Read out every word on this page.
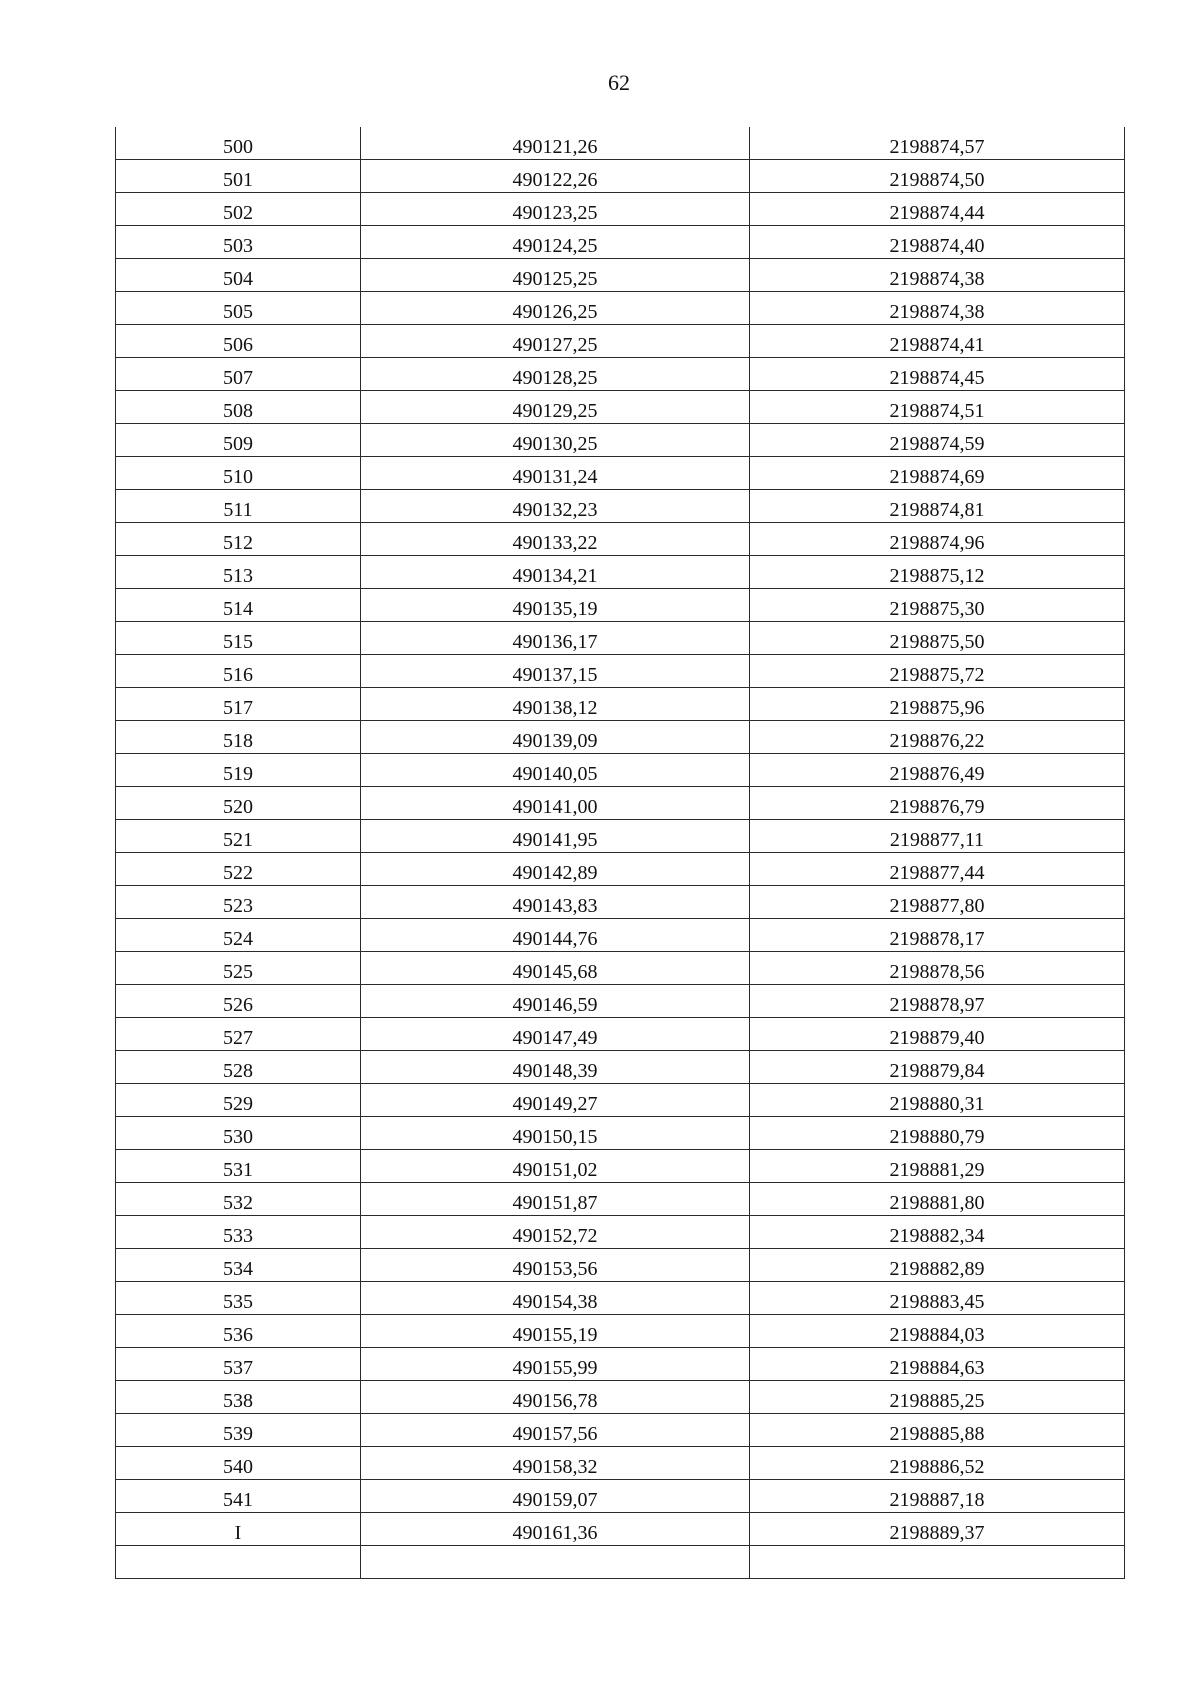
62
500	490121,26	2198874,57
501	490122,26	2198874,50
502	490123,25	2198874,44
503	490124,25	2198874,40
504	490125,25	2198874,38
505	490126,25	2198874,38
506	490127,25	2198874,41
507	490128,25	2198874,45
508	490129,25	2198874,51
509	490130,25	2198874,59
510	490131,24	2198874,69
511	490132,23	2198874,81
512	490133,22	2198874,96
513	490134,21	2198875,12
514	490135,19	2198875,30
515	490136,17	2198875,50
516	490137,15	2198875,72
517	490138,12	2198875,96
518	490139,09	2198876,22
519	490140,05	2198876,49
520	490141,00	2198876,79
521	490141,95	2198877,11
522	490142,89	2198877,44
523	490143,83	2198877,80
524	490144,76	2198878,17
525	490145,68	2198878,56
526	490146,59	2198878,97
527	490147,49	2198879,40
528	490148,39	2198879,84
529	490149,27	2198880,31
530	490150,15	2198880,79
531	490151,02	2198881,29
532	490151,87	2198881,80
533	490152,72	2198882,34
534	490153,56	2198882,89
535	490154,38	2198883,45
536	490155,19	2198884,03
537	490155,99	2198884,63
538	490156,78	2198885,25
539	490157,56	2198885,88
540	490158,32	2198886,52
541	490159,07	2198887,18
I	490161,36	2198889,37
